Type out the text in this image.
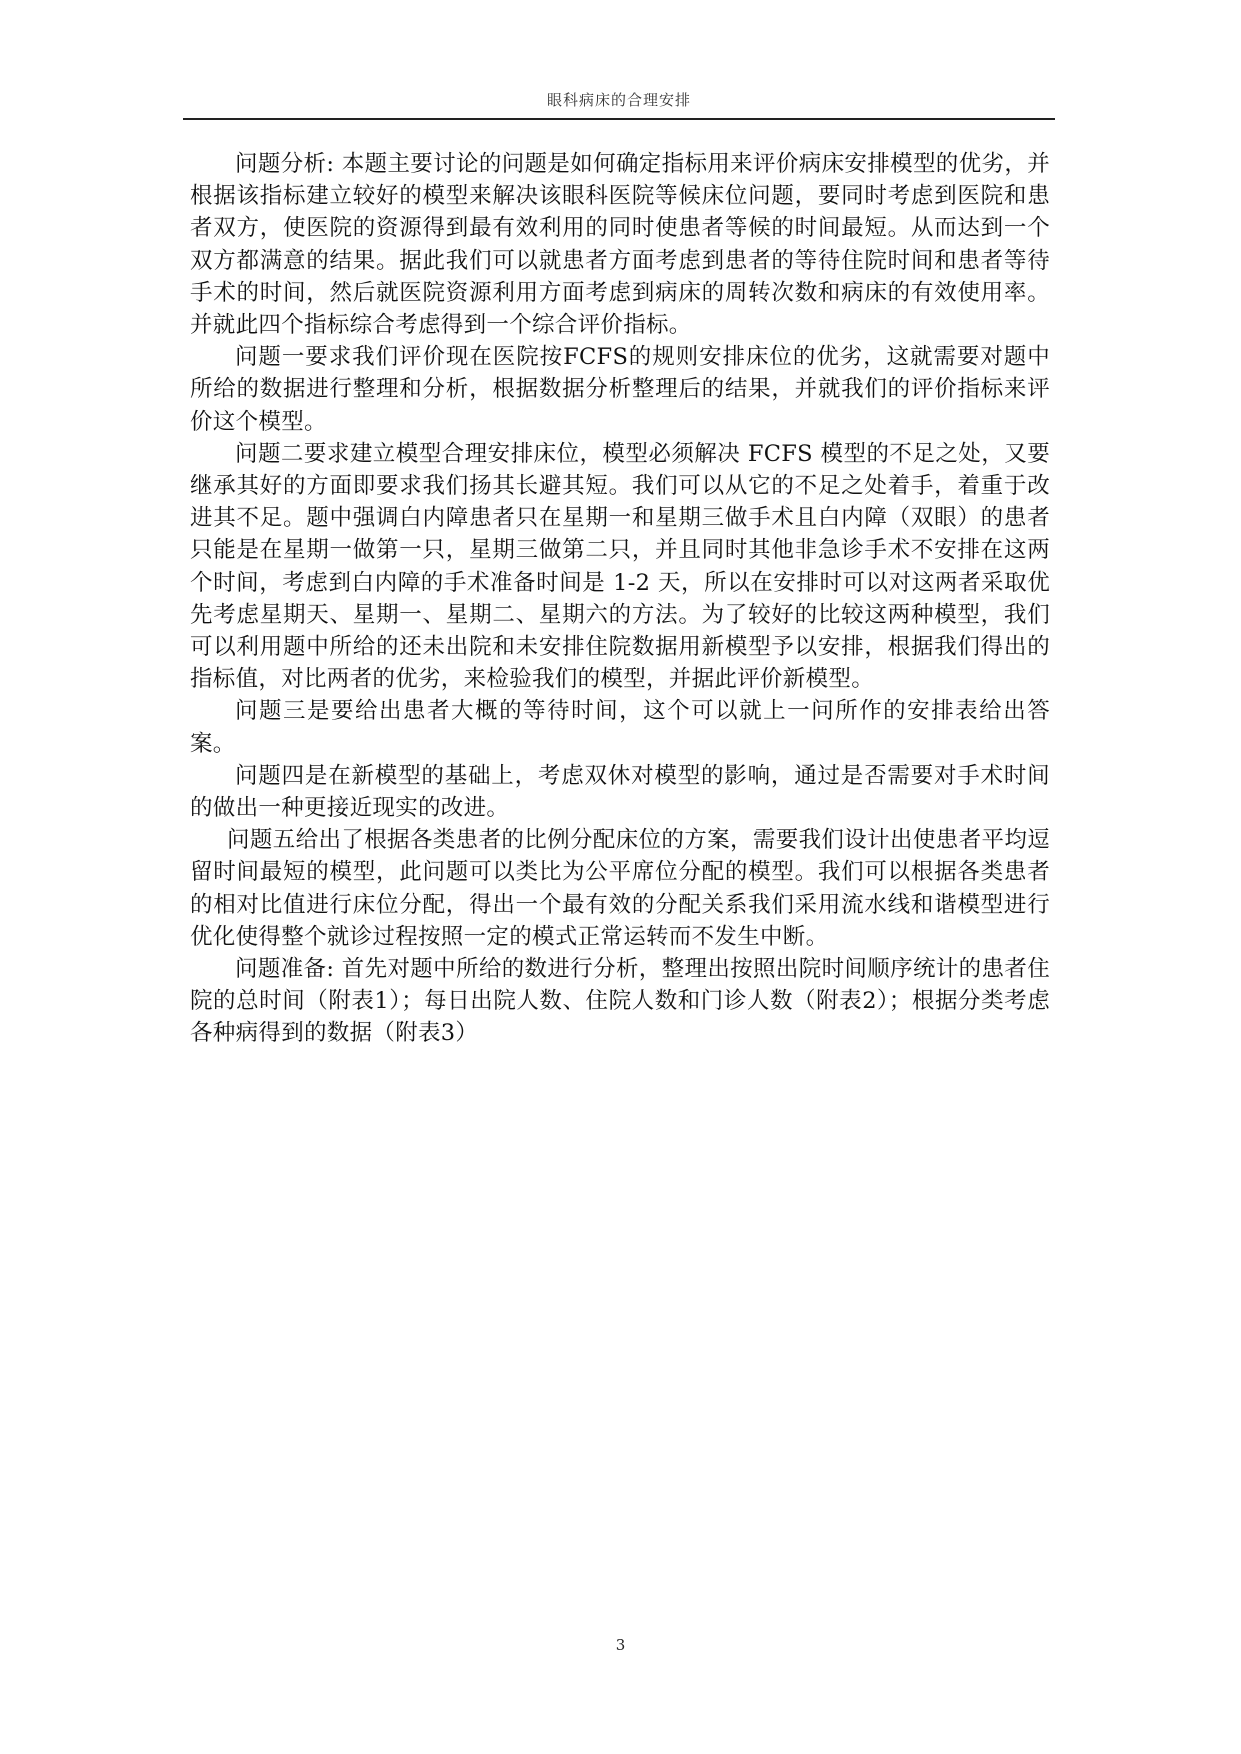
眼科病床的合理安排

问题分析: 本题主要讨论的问题是如何确定指标用来评价病床安排模型的优劣，并根据该指标建立较好的模型来解决该眼科医院等候床位问题，要同时考虑到医院和患者双方，使医院的资源得到最有效利用的同时使患者等候的时间最短。从而达到一个双方都满意的结果。据此我们可以就患者方面考虑到患者的等待住院时间和患者等待手术的时间，然后就医院资源利用方面考虑到病床的周转次数和病床的有效使用率。并就此四个指标综合考虑得到一个综合评价指标。

问题一要求我们评价现在医院按FCFS的规则安排床位的优劣，这就需要对题中所给的数据进行整理和分析，根据数据分析整理后的结果，并就我们的评价指标来评价这个模型。

问题二要求建立模型合理安排床位，模型必须解决 FCFS 模型的不足之处，又要继承其好的方面即要求我们扬其长避其短。我们可以从它的不足之处着手，着重于改进其不足。题中强调白内障患者只在星期一和星期三做手术且白内障（双眼）的患者只能是在星期一做第一只，星期三做第二只，并且同时其他非急诊手术不安排在这两个时间，考虑到白内障的手术准备时间是 1-2 天，所以在安排时可以对这两者采取优先考虑星期天、星期一、星期二、星期六的方法。为了较好的比较这两种模型，我们可以利用题中所给的还未出院和未安排住院数据用新模型予以安排，根据我们得出的指标值，对比两者的优劣，来检验我们的模型，并据此评价新模型。

问题三是要给出患者大概的等待时间，这个可以就上一问所作的安排表给出答案。

问题四是在新模型的基础上，考虑双休对模型的影响，通过是否需要对手术时间的做出一种更接近现实的改进。

问题五给出了根据各类患者的比例分配床位的方案，需要我们设计出使患者平均逗留时间最短的模型，此问题可以类比为公平席位分配的模型。我们可以根据各类患者的相对比值进行床位分配，得出一个最有效的分配关系我们采用流水线和谐模型进行优化使得整个就诊过程按照一定的模式正常运转而不发生中断。

问题准备: 首先对题中所给的数进行分析，整理出按照出院时间顺序统计的患者住院的总时间（附表1）；每日出院人数、住院人数和门诊人数（附表2）；根据分类考虑各种病得到的数据（附表3）

3
